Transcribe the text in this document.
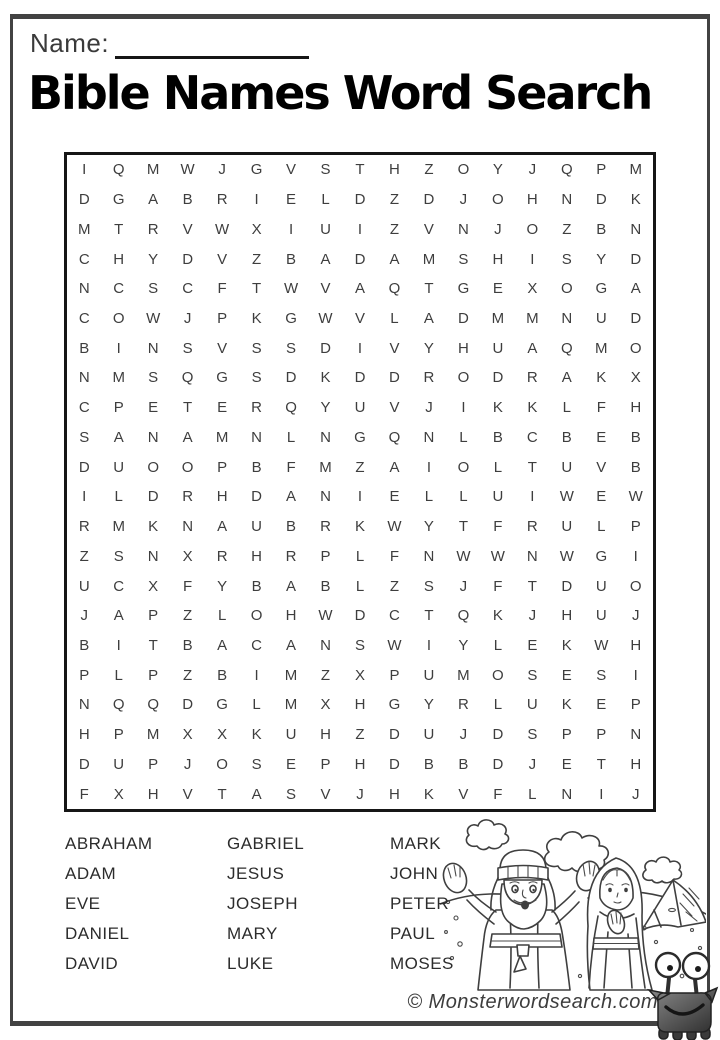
Name:
Bible Names Word Search
I	Q	M	W	J	G	V	S	T	H	Z	O	Y	J	Q	P	M
D	G	A	B	R	I	E	L	D	Z	D	J	O	H	N	D	K
M	T	R	V	W	X	I	U	I	Z	V	N	J	O	Z	B	N
C	H	Y	D	V	Z	B	A	D	A	M	S	H	I	S	Y	D
N	C	S	C	F	T	W	V	A	Q	T	G	E	X	O	G	A
C	O	W	J	P	K	G	W	V	L	A	D	M	M	N	U	D
B	I	N	S	V	S	S	D	I	V	Y	H	U	A	Q	M	O
N	M	S	Q	G	S	D	K	D	D	R	O	D	R	A	K	X
C	P	E	T	E	R	Q	Y	U	V	J	I	K	K	L	F	H
S	A	N	A	M	N	L	N	G	Q	N	L	B	C	B	E	B
D	U	O	O	P	B	F	M	Z	A	I	O	L	T	U	V	B
I	L	D	R	H	D	A	N	I	E	L	L	U	I	W	E	W
R	M	K	N	A	U	B	R	K	W	Y	T	F	R	U	L	P
Z	S	N	X	R	H	R	P	L	F	N	W	W	N	W	G	I
U	C	X	F	Y	B	A	B	L	Z	S	J	F	T	D	U	O
J	A	P	Z	L	O	H	W	D	C	T	Q	K	J	H	U	J
B	I	T	B	A	C	A	N	S	W	I	Y	L	E	K	W	H
P	L	P	Z	B	I	M	Z	X	P	U	M	O	S	E	S	I
N	Q	Q	D	G	L	M	X	H	G	Y	R	L	U	K	E	P
H	P	M	X	X	K	U	H	Z	D	U	J	D	S	P	P	N
D	U	P	J	O	S	E	P	H	D	B	B	D	J	E	T	H
F	X	H	V	T	A	S	V	J	H	K	V	F	L	N	I	J
ABRAHAM
ADAM
EVE
DANIEL
DAVID
GABRIEL
JESUS
JOSEPH
MARY
LUKE
MARK
JOHN
PETER
PAUL
MOSES
© Monsterwordsearch.com
